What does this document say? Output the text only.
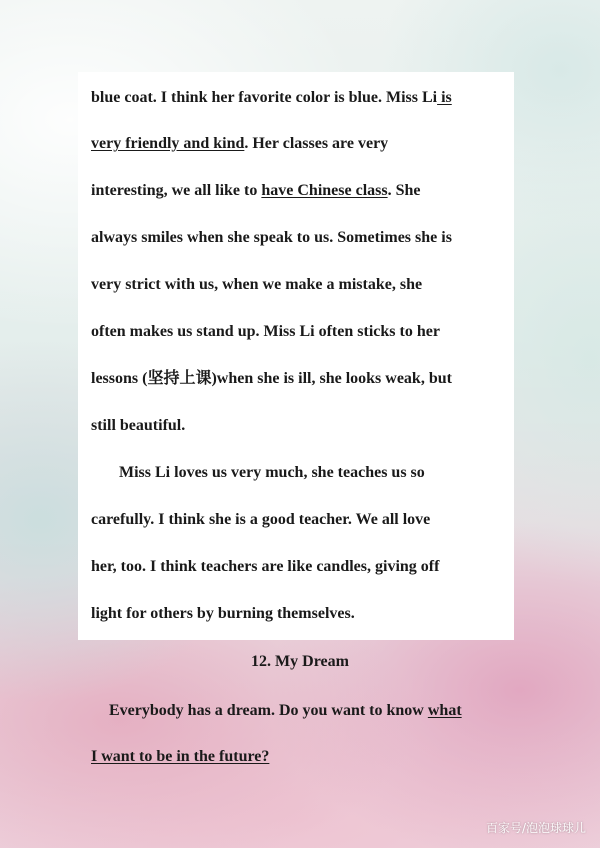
blue coat. I think her favorite color is blue. Miss Li is

very friendly and kind. Her classes are very

interesting, we all like to have Chinese class. She

always smiles when she speak to us. Sometimes she is

very strict with us, when we make a mistake, she

often makes us stand up. Miss Li often sticks to her

lessons (坚持上课)when she is ill, she looks weak, but

still beautiful.

Miss Li loves us very much, she teaches us so

carefully. I think she is a good teacher. We all love

her, too. I think teachers are like candles, giving off

light for others by burning themselves.

12. My Dream

Everybody has a dream. Do you want to know what

I want to be in the future?

百家号/泡泡球球儿
